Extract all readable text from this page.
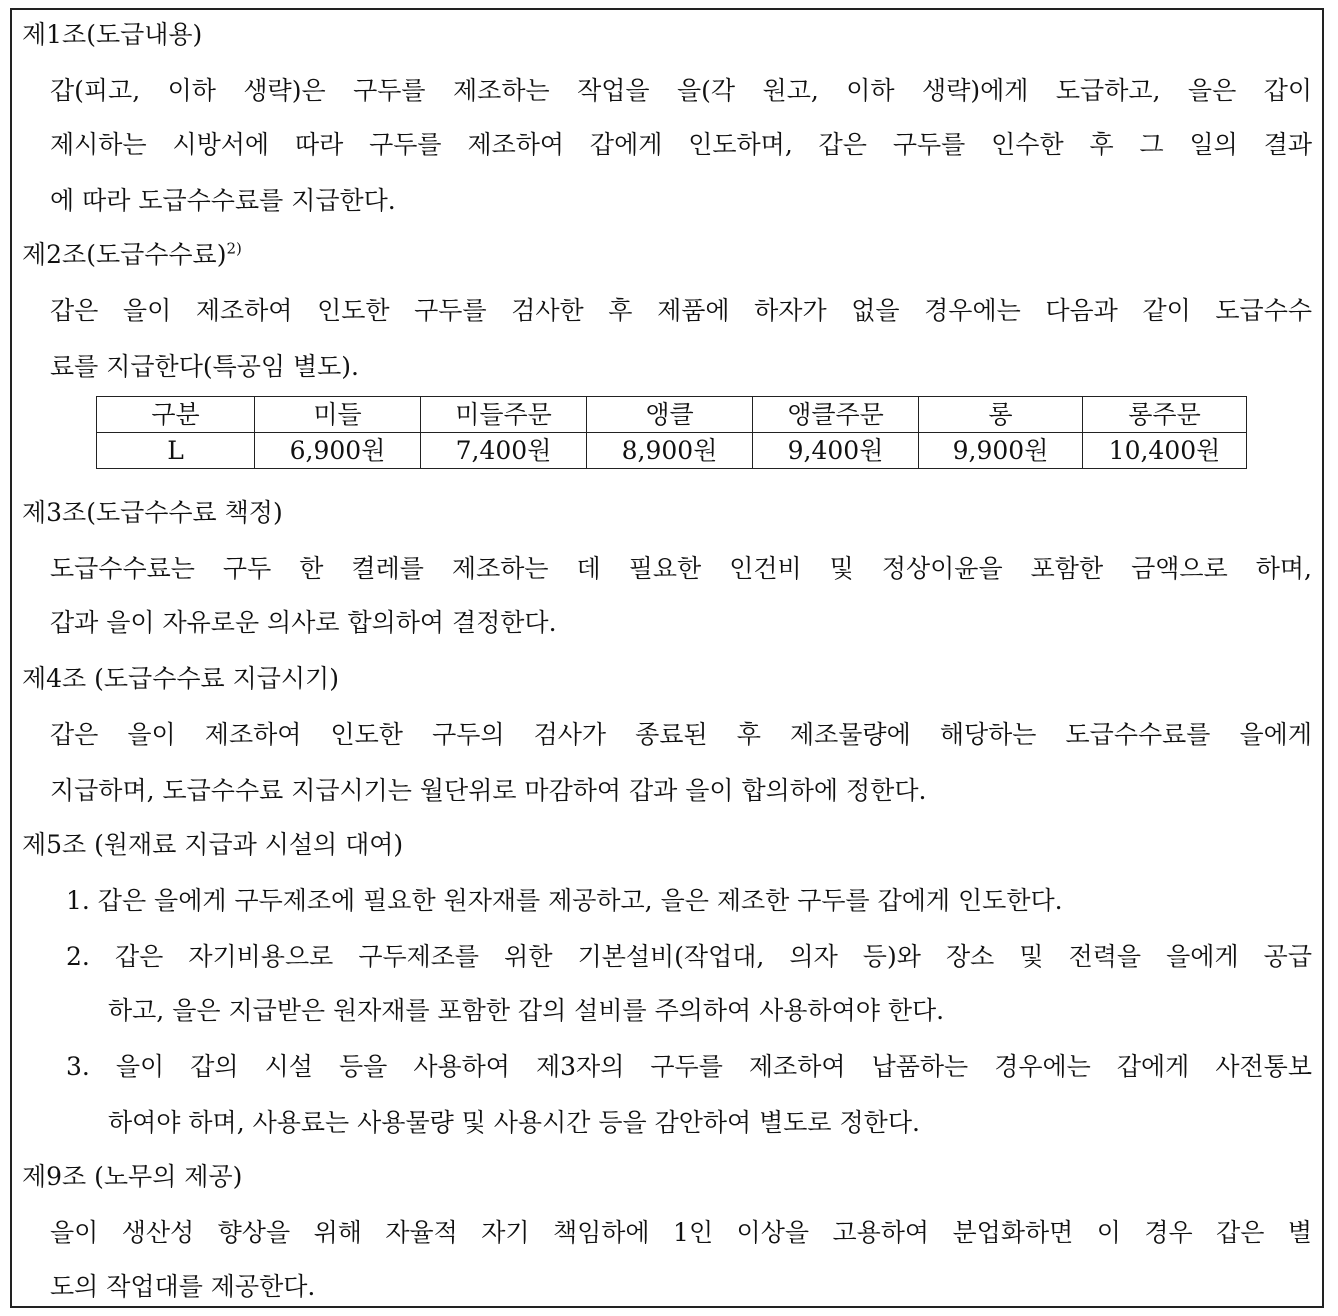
제1조(도급내용)

갑(피고, 이하 생략)은 구두를 제조하는 작업을 을(각 원고, 이하 생략)에게 도급하고, 을은 갑이

제시하는 시방서에 따라 구두를 제조하여 갑에게 인도하며, 갑은 구두를 인수한 후 그 일의 결과

에 따라 도급수수료를 지급한다.

제2조(도급수수료)$^{2)}$

갑은 을이 제조하여 인도한 구두를 검사한 후 제품에 하자가 없을 경우에는 다음과 같이 도급수수

료를 지급한다(특공임 별도).

구분	미들	미들주문	앵클	앵클주문	롱	롱주문
L	6,900원	7,400원	8,900원	9,400원	9,900원	10,400원

제3조(도급수수료 책정)

도급수수료는 구두 한 켤레를 제조하는 데 필요한 인건비 및 정상이윤을 포함한 금액으로 하며,

갑과 을이 자유로운 의사로 합의하여 결정한다.

제4조 (도급수수료 지급시기)

갑은 을이 제조하여 인도한 구두의 검사가 종료된 후 제조물량에 해당하는 도급수수료를 을에게

지급하며, 도급수수료 지급시기는 월단위로 마감하여 갑과 을이 합의하에 정한다.

제5조 (원재료 지급과 시설의 대여)

1. 갑은 을에게 구두제조에 필요한 원자재를 제공하고, 을은 제조한 구두를 갑에게 인도한다.

2. 갑은 자기비용으로 구두제조를 위한 기본설비(작업대, 의자 등)와 장소 및 전력을 을에게 공급

하고, 을은 지급받은 원자재를 포함한 갑의 설비를 주의하여 사용하여야 한다.

3. 을이 갑의 시설 등을 사용하여 제3자의 구두를 제조하여 납품하는 경우에는 갑에게 사전통보

하여야 하며, 사용료는 사용물량 및 사용시간 등을 감안하여 별도로 정한다.

제9조 (노무의 제공)

을이 생산성 향상을 위해 자율적 자기 책임하에 1인 이상을 고용하여 분업화하면 이 경우 갑은 별

도의 작업대를 제공한다.
